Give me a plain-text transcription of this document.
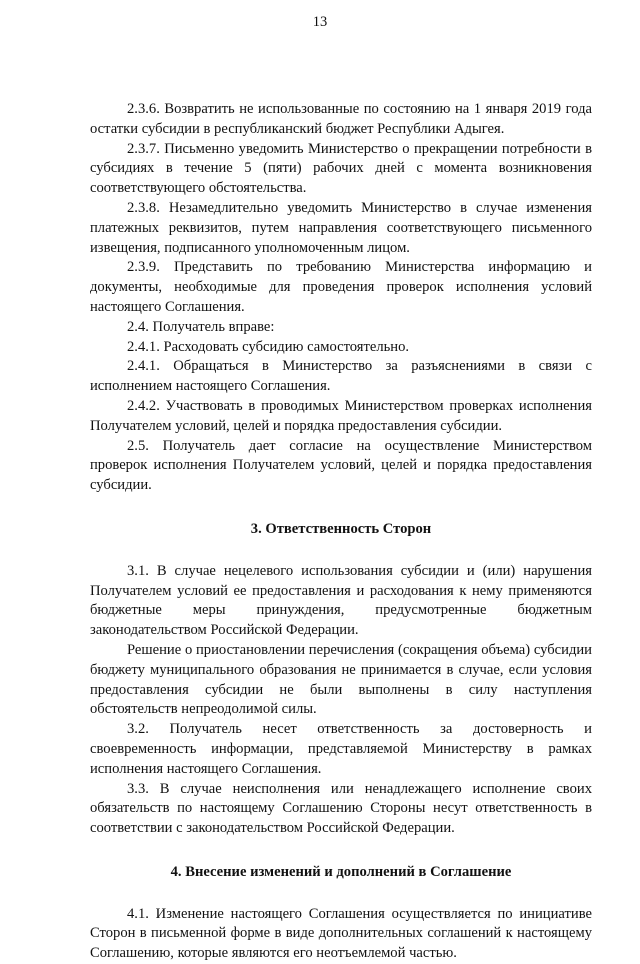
13

2.3.6. Возвратить не использованные по состоянию на 1 января 2019 года остатки субсидии в республиканский бюджет Республики Адыгея.

2.3.7. Письменно уведомить Министерство о прекращении потребности в субсидиях в течение 5 (пяти) рабочих дней с момента возникновения соответствующего обстоятельства.

2.3.8. Незамедлительно уведомить Министерство в случае изменения платежных реквизитов, путем направления соответствующего письменного извещения, подписанного уполномоченным лицом.

2.3.9. Представить по требованию Министерства информацию и документы, необходимые для проведения проверок исполнения условий настоящего Соглашения.

2.4. Получатель вправе:

2.4.1. Расходовать субсидию самостоятельно.

2.4.1. Обращаться в Министерство за разъяснениями в связи с исполнением настоящего Соглашения.

2.4.2. Участвовать в проводимых Министерством проверках исполнения Получателем условий, целей и порядка предоставления субсидии.

2.5. Получатель дает согласие на осуществление Министерством проверок исполнения Получателем условий, целей и порядка предоставления субсидии.

3. Ответственность Сторон

3.1. В случае нецелевого использования субсидии и (или) нарушения Получателем условий ее предоставления и расходования к нему применяются бюджетные меры принуждения, предусмотренные бюджетным законодательством Российской Федерации.

Решение о приостановлении перечисления (сокращения объема) субсидии бюджету муниципального образования не принимается в случае, если условия предоставления субсидии не были выполнены в силу наступления обстоятельств непреодолимой силы.

3.2. Получатель несет ответственность за достоверность и своевременность информации, представляемой Министерству в рамках исполнения настоящего Соглашения.

3.3. В случае неисполнения или ненадлежащего исполнение своих обязательств по настоящему Соглашению Стороны несут ответственность в соответствии с законодательством Российской Федерации.

4. Внесение изменений и дополнений в Соглашение

4.1. Изменение настоящего Соглашения осуществляется по инициативе Сторон в письменной форме в виде дополнительных соглашений к настоящему Соглашению, которые являются его неотъемлемой частью.
